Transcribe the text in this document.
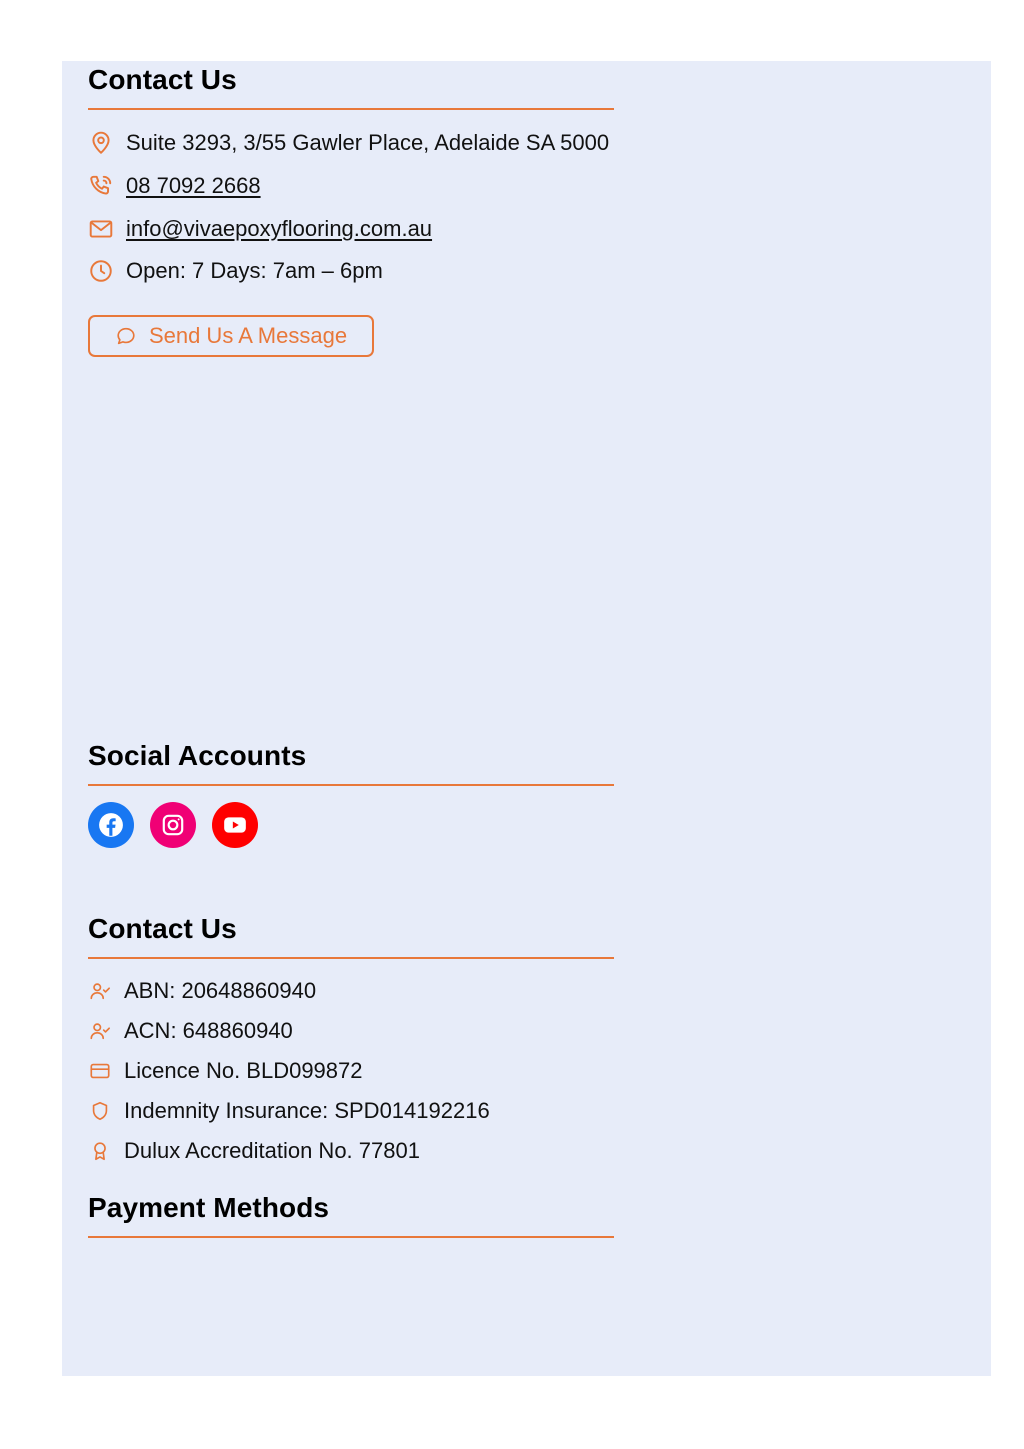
Contact Us
Suite 3293, 3/55 Gawler Place, Adelaide SA 5000
08 7092 2668
info@vivaepoxyflooring.com.au
Open: 7 Days: 7am – 6pm
Send Us A Message
Social Accounts
Contact Us
ABN: 20648860940
ACN: 648860940
Licence No. BLD099872
Indemnity Insurance: SPD014192216
Dulux Accreditation No. 77801
Payment Methods
